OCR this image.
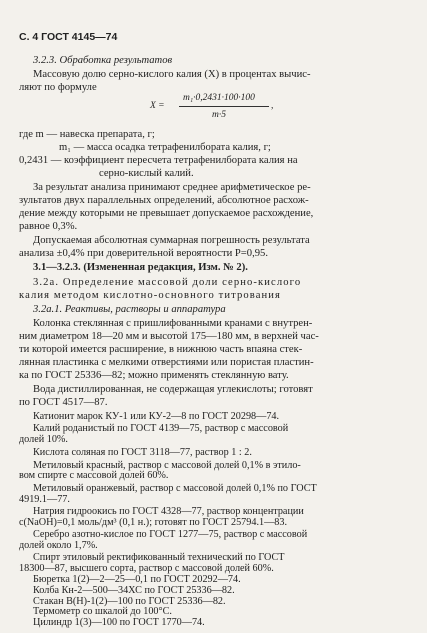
С. 4 ГОСТ 4145—74
3.2.3. Обработка результатов
Массовую долю серно-кислого калия (X) в процентах вычис-
ляют по формуле
X =
m₁·0,2431·100·100
m·5
,
где m — навеска препарата, г;
m₁ — масса осадка тетрафенилбората калия, г;
0,2431 — коэффициент пересчета тетрафенилбората калия на
серно-кислый калий.
За результат анализа принимают среднее арифметическое ре-
зультатов двух параллельных определений, абсолютное расхож-
дение между которыми не превышает допускаемое расхождение,
равное 0,3%.
Допускаемая абсолютная суммарная погрешность результата
анализа ±0,4% при доверительной вероятности P=0,95.
3.1—3.2.3. (Измененная редакция, Изм. № 2).
3.2а. Определение массовой доли серно-кислого
калия методом кислотно-основного титрования
3.2а.1. Реактивы, растворы и аппаратура
Колонка стеклянная с пришлифованными кранами с внутрен-
ним диаметром 18—20 мм и высотой 175—180 мм, в верхней час-
ти которой имеется расширение, в нижнюю часть впаяна стек-
лянная пластинка с мелкими отверстиями или пористая пластин-
ка по ГОСТ 25336—82; можно применять стеклянную вату.
Вода дистиллированная, не содержащая углекислоты; готовят
по ГОСТ 4517—87.
Катионит марок КУ-1 или КУ-2—8 по ГОСТ 20298—74.
Калий роданистый по ГОСТ 4139—75, раствор с массовой
долей 10%.
Кислота соляная по ГОСТ 3118—77, раствор 1 : 2.
Метиловый красный, раствор с массовой долей 0,1% в этило-
вом спирте с массовой долей 60%.
Метиловый оранжевый, раствор с массовой долей 0,1% по ГОСТ
4919.1—77.
Натрия гидроокись по ГОСТ 4328—77, раствор концентрации
c(NaOH)=0,1 моль/дм³ (0,1 н.); готовят по ГОСТ 25794.1—83.
Серебро азотно-кислое по ГОСТ 1277—75, раствор с массовой
долей около 1,7%.
Спирт этиловый ректификованный технический по ГОСТ
18300—87, высшего сорта, раствор с массовой долей 60%.
Бюретка 1(2)—2—25—0,1 по ГОСТ 20292—74.
Колба Кн-2—500—34ХС по ГОСТ 25336—82.
Стакан В(Н)-1(2)—100 по ГОСТ 25336—82.
Термометр со шкалой до 100°С.
Цилиндр 1(3)—100 по ГОСТ 1770—74.
